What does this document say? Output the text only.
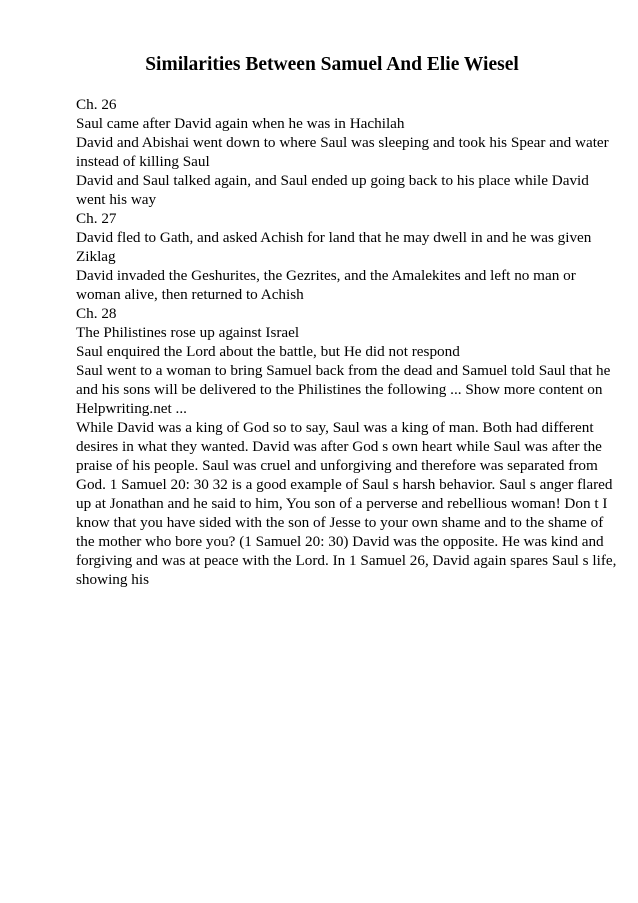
Similarities Between Samuel And Elie Wiesel
Ch. 26
Saul came after David again when he was in Hachilah
David and Abishai went down to where Saul was sleeping and took his Spear and water
instead of killing Saul
David and Saul talked again, and Saul ended up going back to his place while David
went his way
Ch. 27
David fled to Gath, and asked Achish for land that he may dwell in and he was given
Ziklag
David invaded the Geshurites, the Gezrites, and the Amalekites and left no man or
woman alive, then returned to Achish
Ch. 28
The Philistines rose up against Israel
Saul enquired the Lord about the battle, but He did not respond
Saul went to a woman to bring Samuel back from the dead and Samuel told Saul that he
and his sons will be delivered to the Philistines the following ... Show more content on
Helpwriting.net ...
While David was a king of God so to say, Saul was a king of man. Both had different
desires in what they wanted. David was after God s own heart while Saul was after the
praise of his people. Saul was cruel and unforgiving and therefore was separated from
God. 1 Samuel 20: 30 32 is a good example of Saul s harsh behavior. Saul s anger flared
up at Jonathan and he said to him, You son of a perverse and rebellious woman! Don t I
know that you have sided with the son of Jesse to your own shame and to the shame of
the mother who bore you? (1 Samuel 20: 30) David was the opposite. He was kind and
forgiving and was at peace with the Lord. In 1 Samuel 26, David again spares Saul s life,
showing his
